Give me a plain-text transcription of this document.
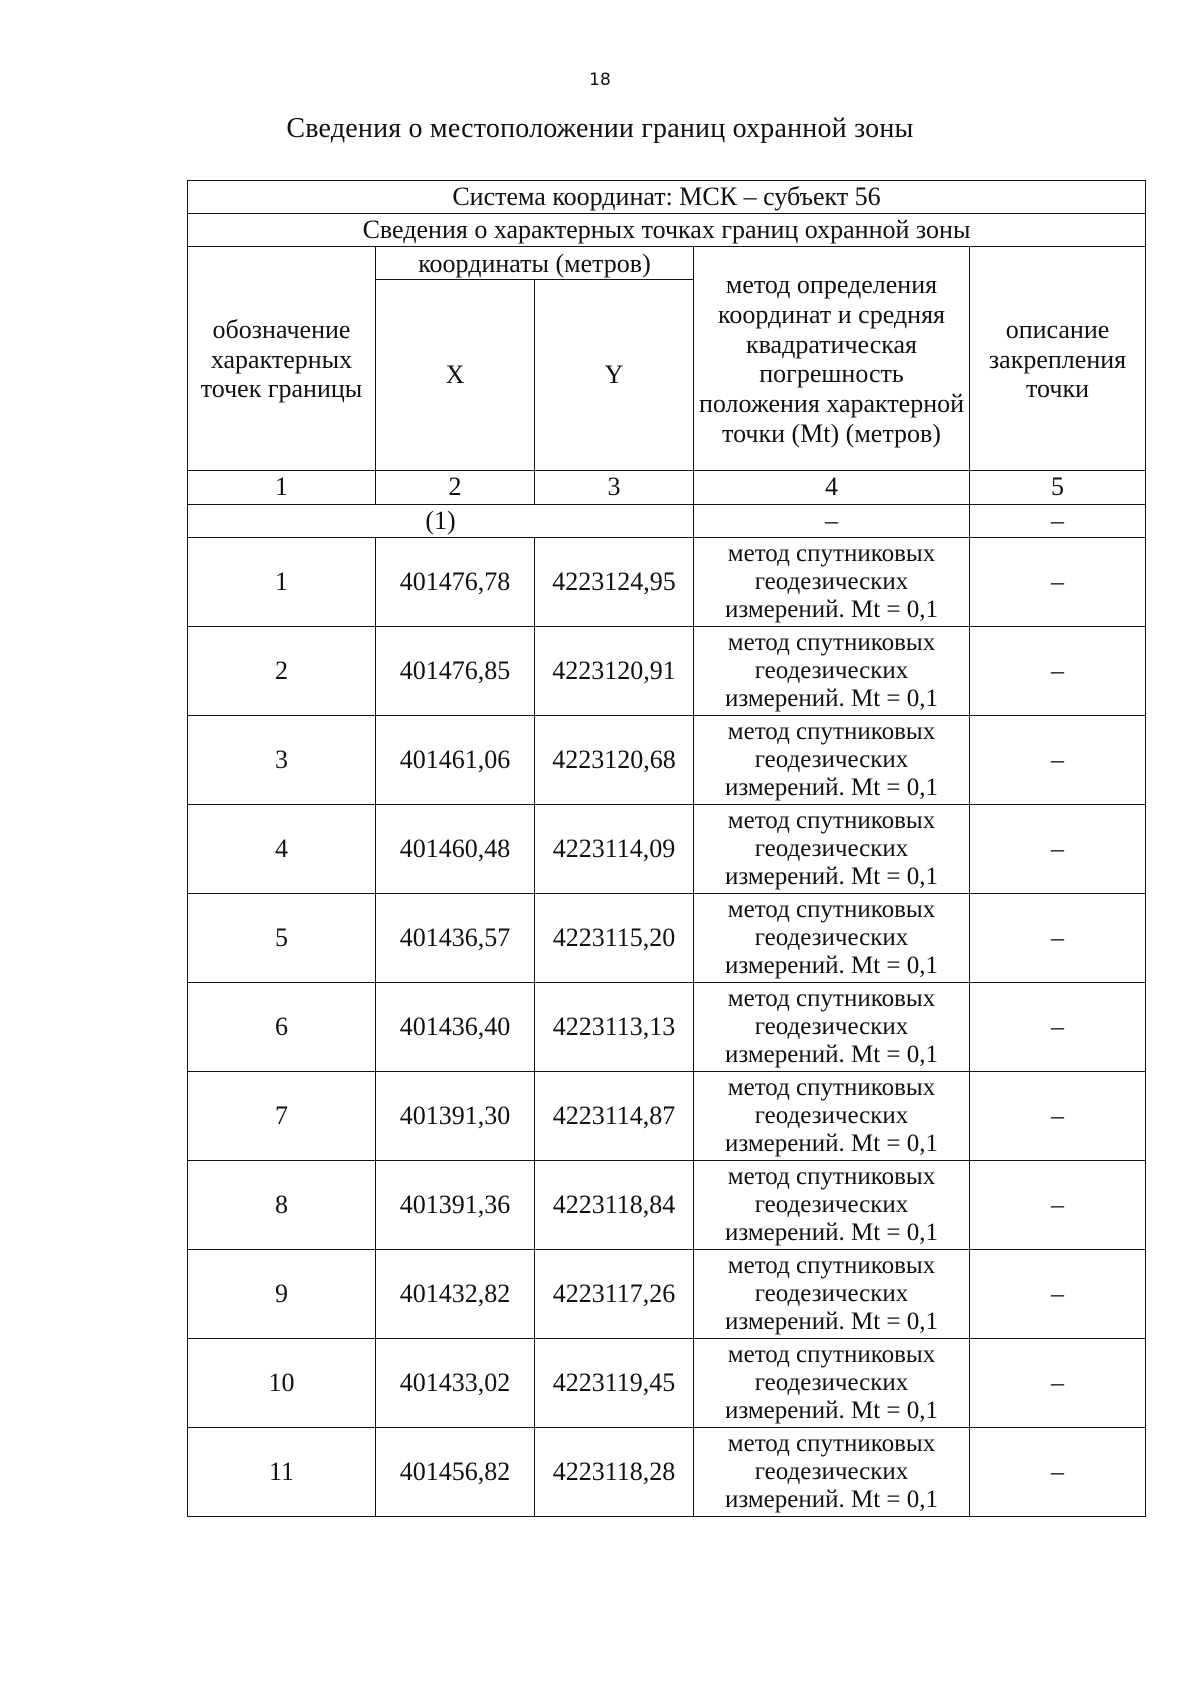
18
Сведения о местоположении границ охранной зоны
Система координат: МСК – субъект 56				
Сведения о характерных точках границ охранной зоны				
обозначение характерных точек границы	координаты (метров)		метод определения координат и средняя квадратическая погрешность положения характерной точки (Mt) (метров)	описание закрепления точки
	X	Y		
1	2	3	4	5
(1)			–	–
1	401476,78	4223124,95	метод спутниковых геодезических измерений. Mt = 0,1	–
2	401476,85	4223120,91	метод спутниковых геодезических измерений. Mt = 0,1	–
3	401461,06	4223120,68	метод спутниковых геодезических измерений. Mt = 0,1	–
4	401460,48	4223114,09	метод спутниковых геодезических измерений. Mt = 0,1	–
5	401436,57	4223115,20	метод спутниковых геодезических измерений. Mt = 0,1	–
6	401436,40	4223113,13	метод спутниковых геодезических измерений. Mt = 0,1	–
7	401391,30	4223114,87	метод спутниковых геодезических измерений. Mt = 0,1	–
8	401391,36	4223118,84	метод спутниковых геодезических измерений. Mt = 0,1	–
9	401432,82	4223117,26	метод спутниковых геодезических измерений. Mt = 0,1	–
10	401433,02	4223119,45	метод спутниковых геодезических измерений. Mt = 0,1	–
11	401456,82	4223118,28	метод спутниковых геодезических измерений. Mt = 0,1	–
